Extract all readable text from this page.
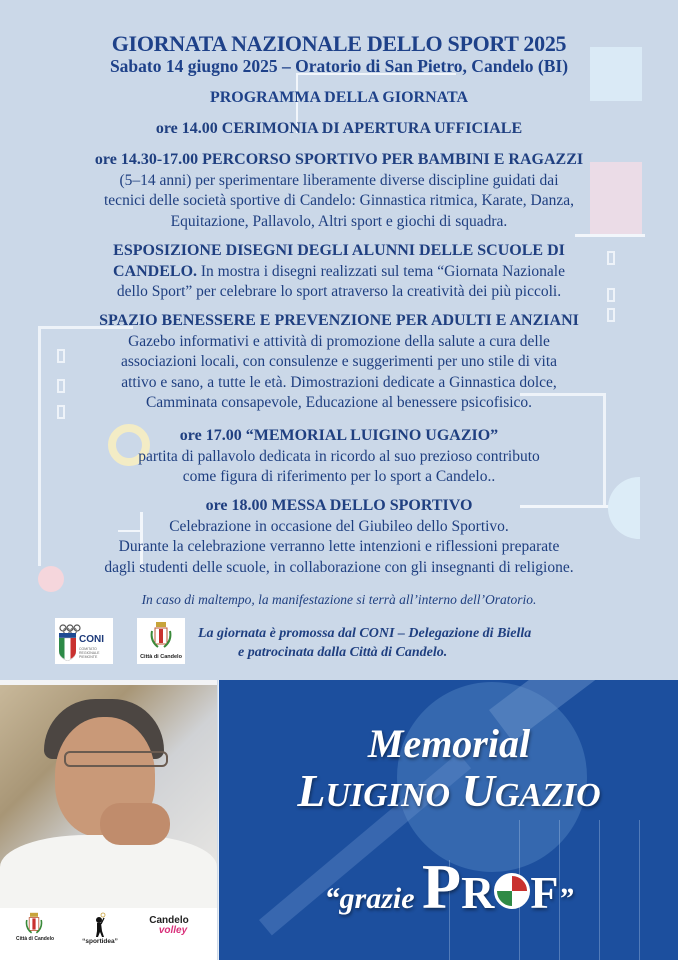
GIORNATA NAZIONALE DELLO SPORT 2025
Sabato 14 giugno 2025 – Oratorio di San Pietro, Candelo (BI)
PROGRAMMA DELLA GIORNATA
ore 14.00 CERIMONIA DI APERTURA UFFICIALE
ore 14.30-17.00 PERCORSO SPORTIVO PER BAMBINI E RAGAZZI
(5–14 anni) per sperimentare liberamente diverse discipline guidati dai
tecnici delle società sportive di Candelo: Ginnastica ritmica, Karate, Danza,
Equitazione, Pallavolo, Altri sport e giochi di squadra.
ESPOSIZIONE DISEGNI DEGLI ALUNNI DELLE SCUOLE DI
CANDELO. In mostra i disegni realizzati sul tema “Giornata Nazionale
dello Sport” per celebrare lo sport atraverso la creatività dei più piccoli.
SPAZIO BENESSERE E PREVENZIONE PER ADULTI E ANZIANI
Gazebo informativi e attività di promozione della salute a cura delle
associazioni locali, con consulenze e suggerimenti per uno stile di vita
attivo e sano, a tutte le età. Dimostrazioni dedicate a Ginnastica dolce,
Camminata consapevole, Educazione al benessere psicofisico.
ore 17.00 “MEMORIAL LUIGINO UGAZIO”
partita di pallavolo dedicata in ricordo al suo prezioso contributo
come figura di riferimento per lo sport a Candelo..
ore 18.00 MESSA DELLO SPORTIVO
Celebrazione in occasione del Giubileo dello Sportivo.
Durante la celebrazione verranno lette intenzioni e riflessioni preparate
dagli studenti delle scuole, in collaborazione con gli insegnanti di religione.
In caso di maltempo, la manifestazione si terrà all’interno dell’Oratorio.
CONI
COMITATO REGIONALE PIEMONTE	Città di Candelo
La giornata è promossa dal CONI – Delegazione di Biella
e patrocinata dalla Città di Candelo.
Città di Candelo	“sportidea”
Candelo
volley
Memorial
LUIGINO UGAZIO
“grazie PR F”
